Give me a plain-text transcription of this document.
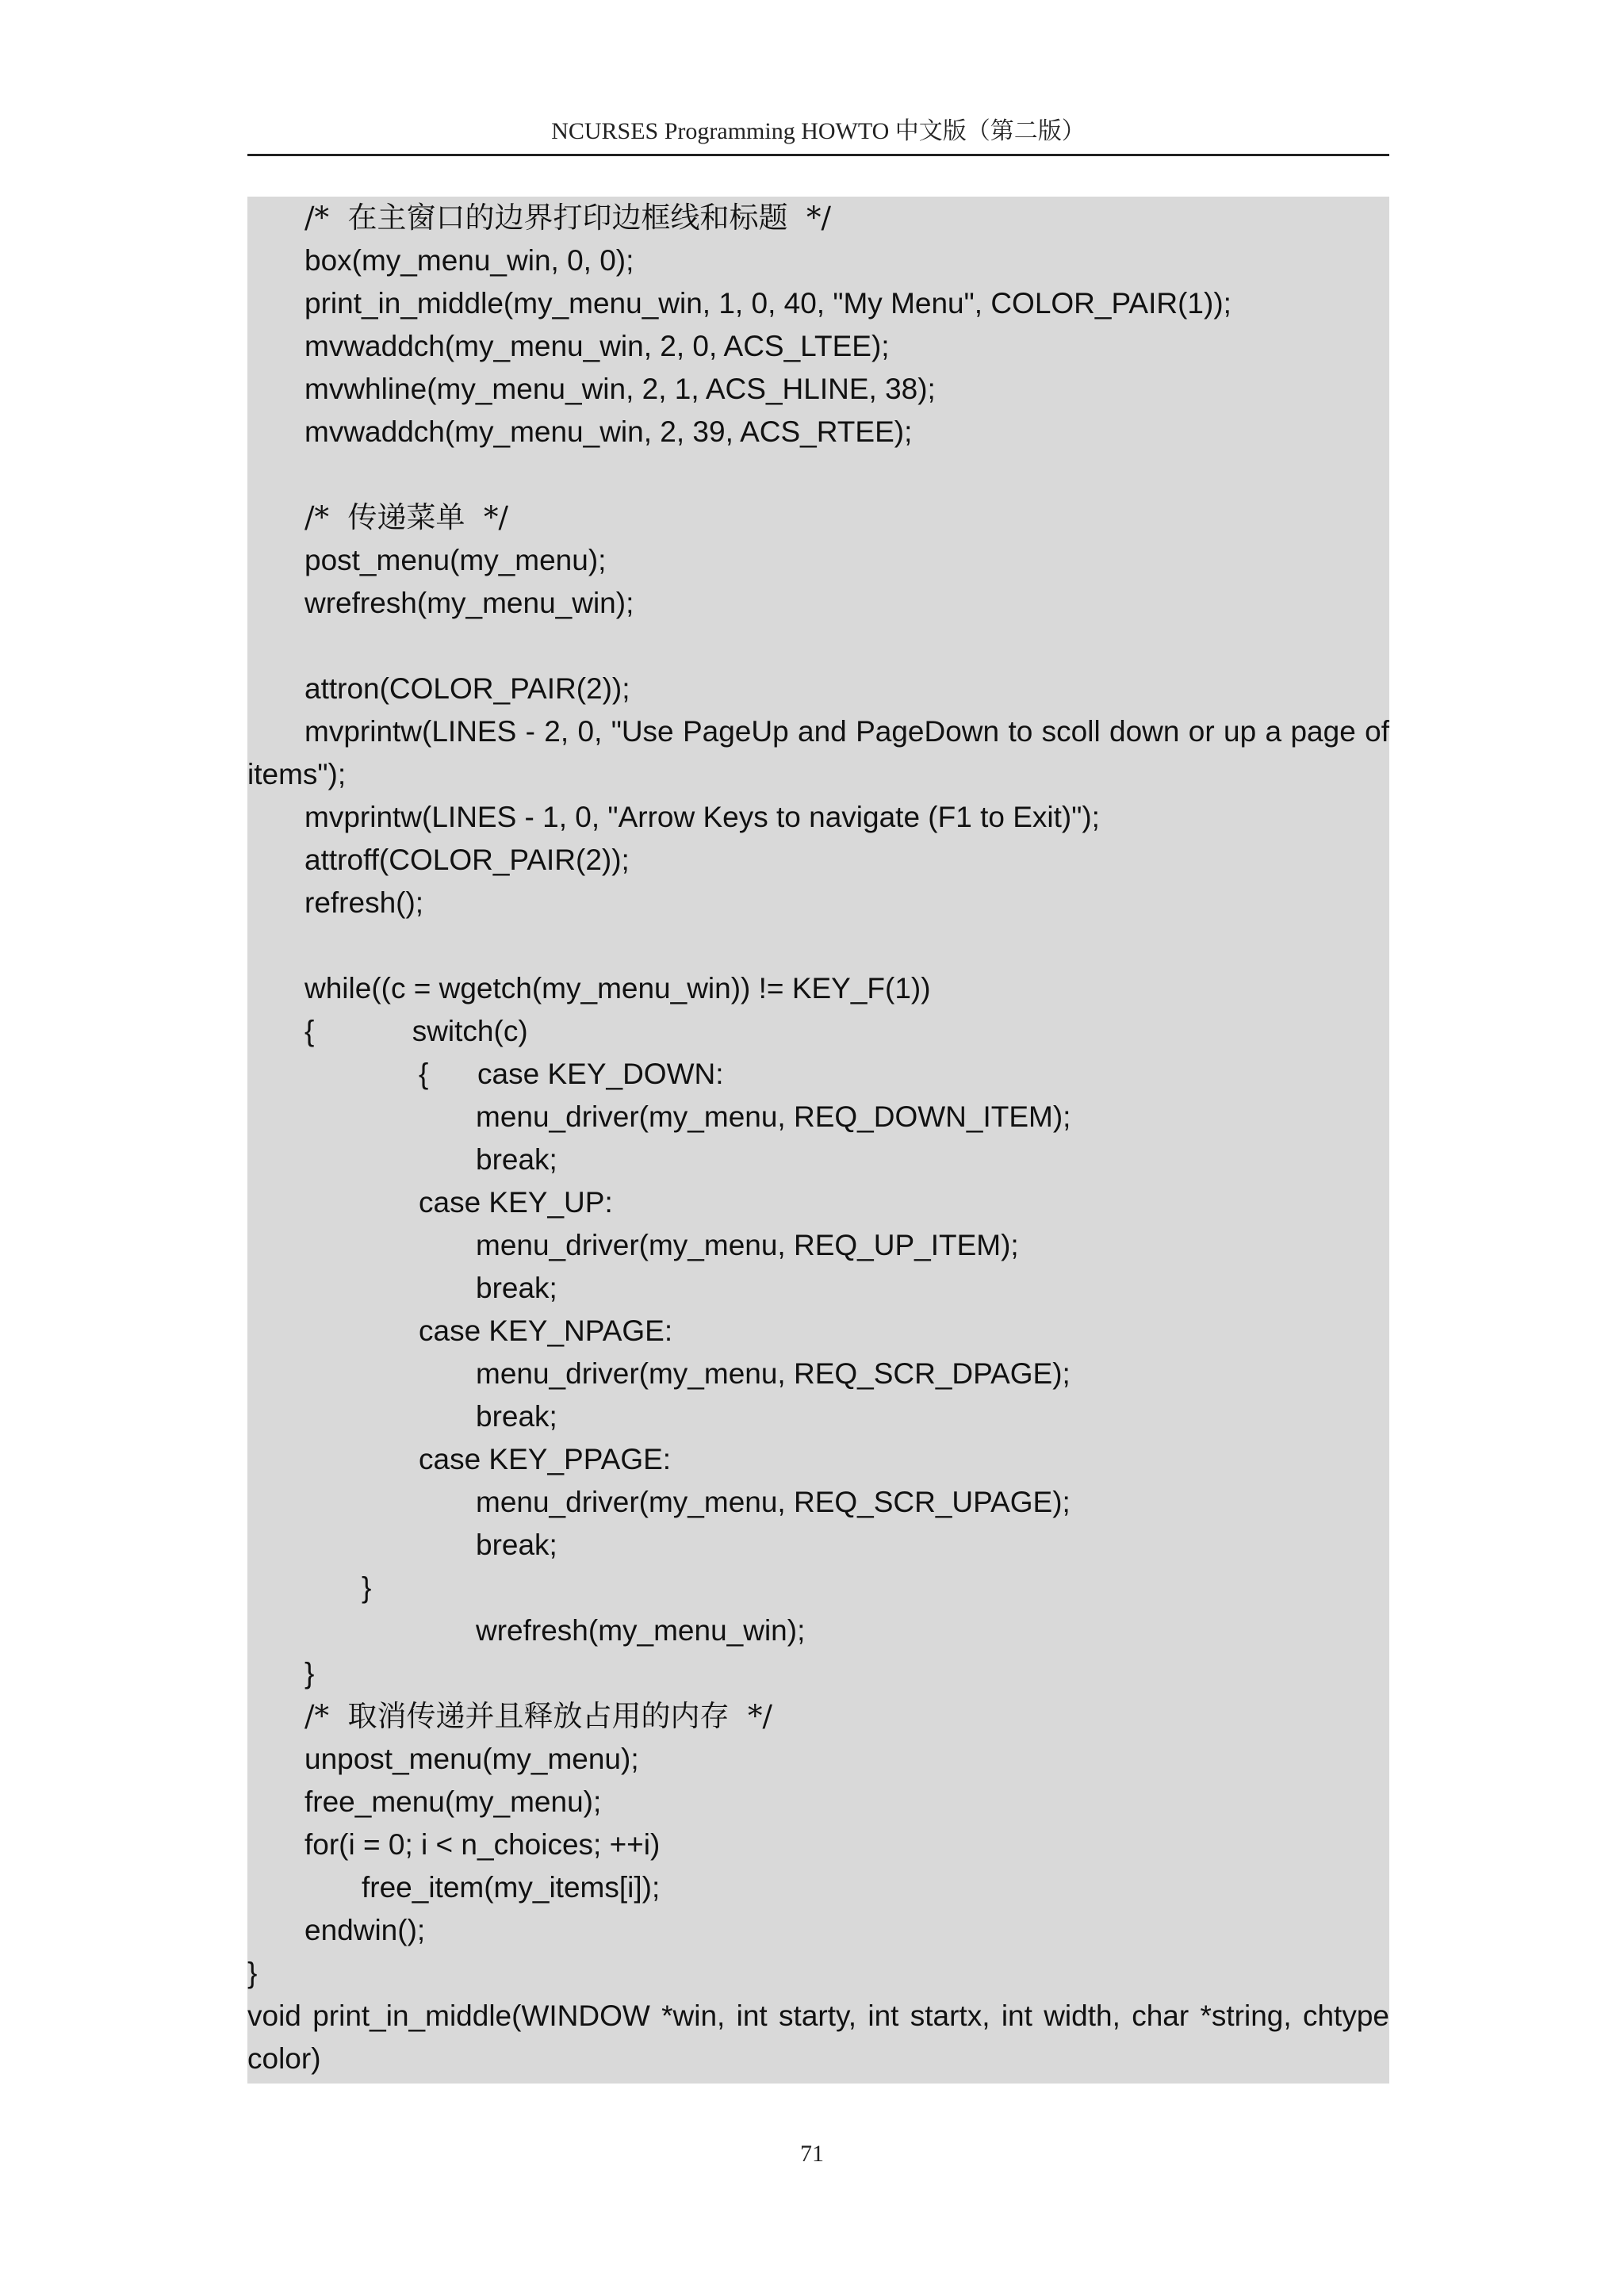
NCURSES Programming HOWTO 中文版（第二版）
/*  在主窗口的边界打印边框线和标题  */
box(my_menu_win, 0, 0);
print_in_middle(my_menu_win, 1, 0, 40, "My Menu", COLOR_PAIR(1));
mvwaddch(my_menu_win, 2, 0, ACS_LTEE);
mvwhline(my_menu_win, 2, 1, ACS_HLINE, 38);
mvwaddch(my_menu_win, 2, 39, ACS_RTEE);
/*  传递菜单  */
post_menu(my_menu);
wrefresh(my_menu_win);
attron(COLOR_PAIR(2));
mvprintw(LINES - 2, 0, "Use PageUp and PageDown to scoll down or up a page of
items");
mvprintw(LINES - 1, 0, "Arrow Keys to navigate (F1 to Exit)");
attroff(COLOR_PAIR(2));
refresh();
while((c = wgetch(my_menu_win)) != KEY_F(1))
{            switch(c)
{      case KEY_DOWN:
menu_driver(my_menu, REQ_DOWN_ITEM);
break;
case KEY_UP:
menu_driver(my_menu, REQ_UP_ITEM);
break;
case KEY_NPAGE:
menu_driver(my_menu, REQ_SCR_DPAGE);
break;
case KEY_PPAGE:
menu_driver(my_menu, REQ_SCR_UPAGE);
break;
}
wrefresh(my_menu_win);
}
/*  取消传递并且释放占用的内存  */
unpost_menu(my_menu);
free_menu(my_menu);
for(i = 0; i < n_choices; ++i)
free_item(my_items[i]);
endwin();
}
void print_in_middle(WINDOW *win, int starty, int startx, int width, char *string, chtype
color)
71
